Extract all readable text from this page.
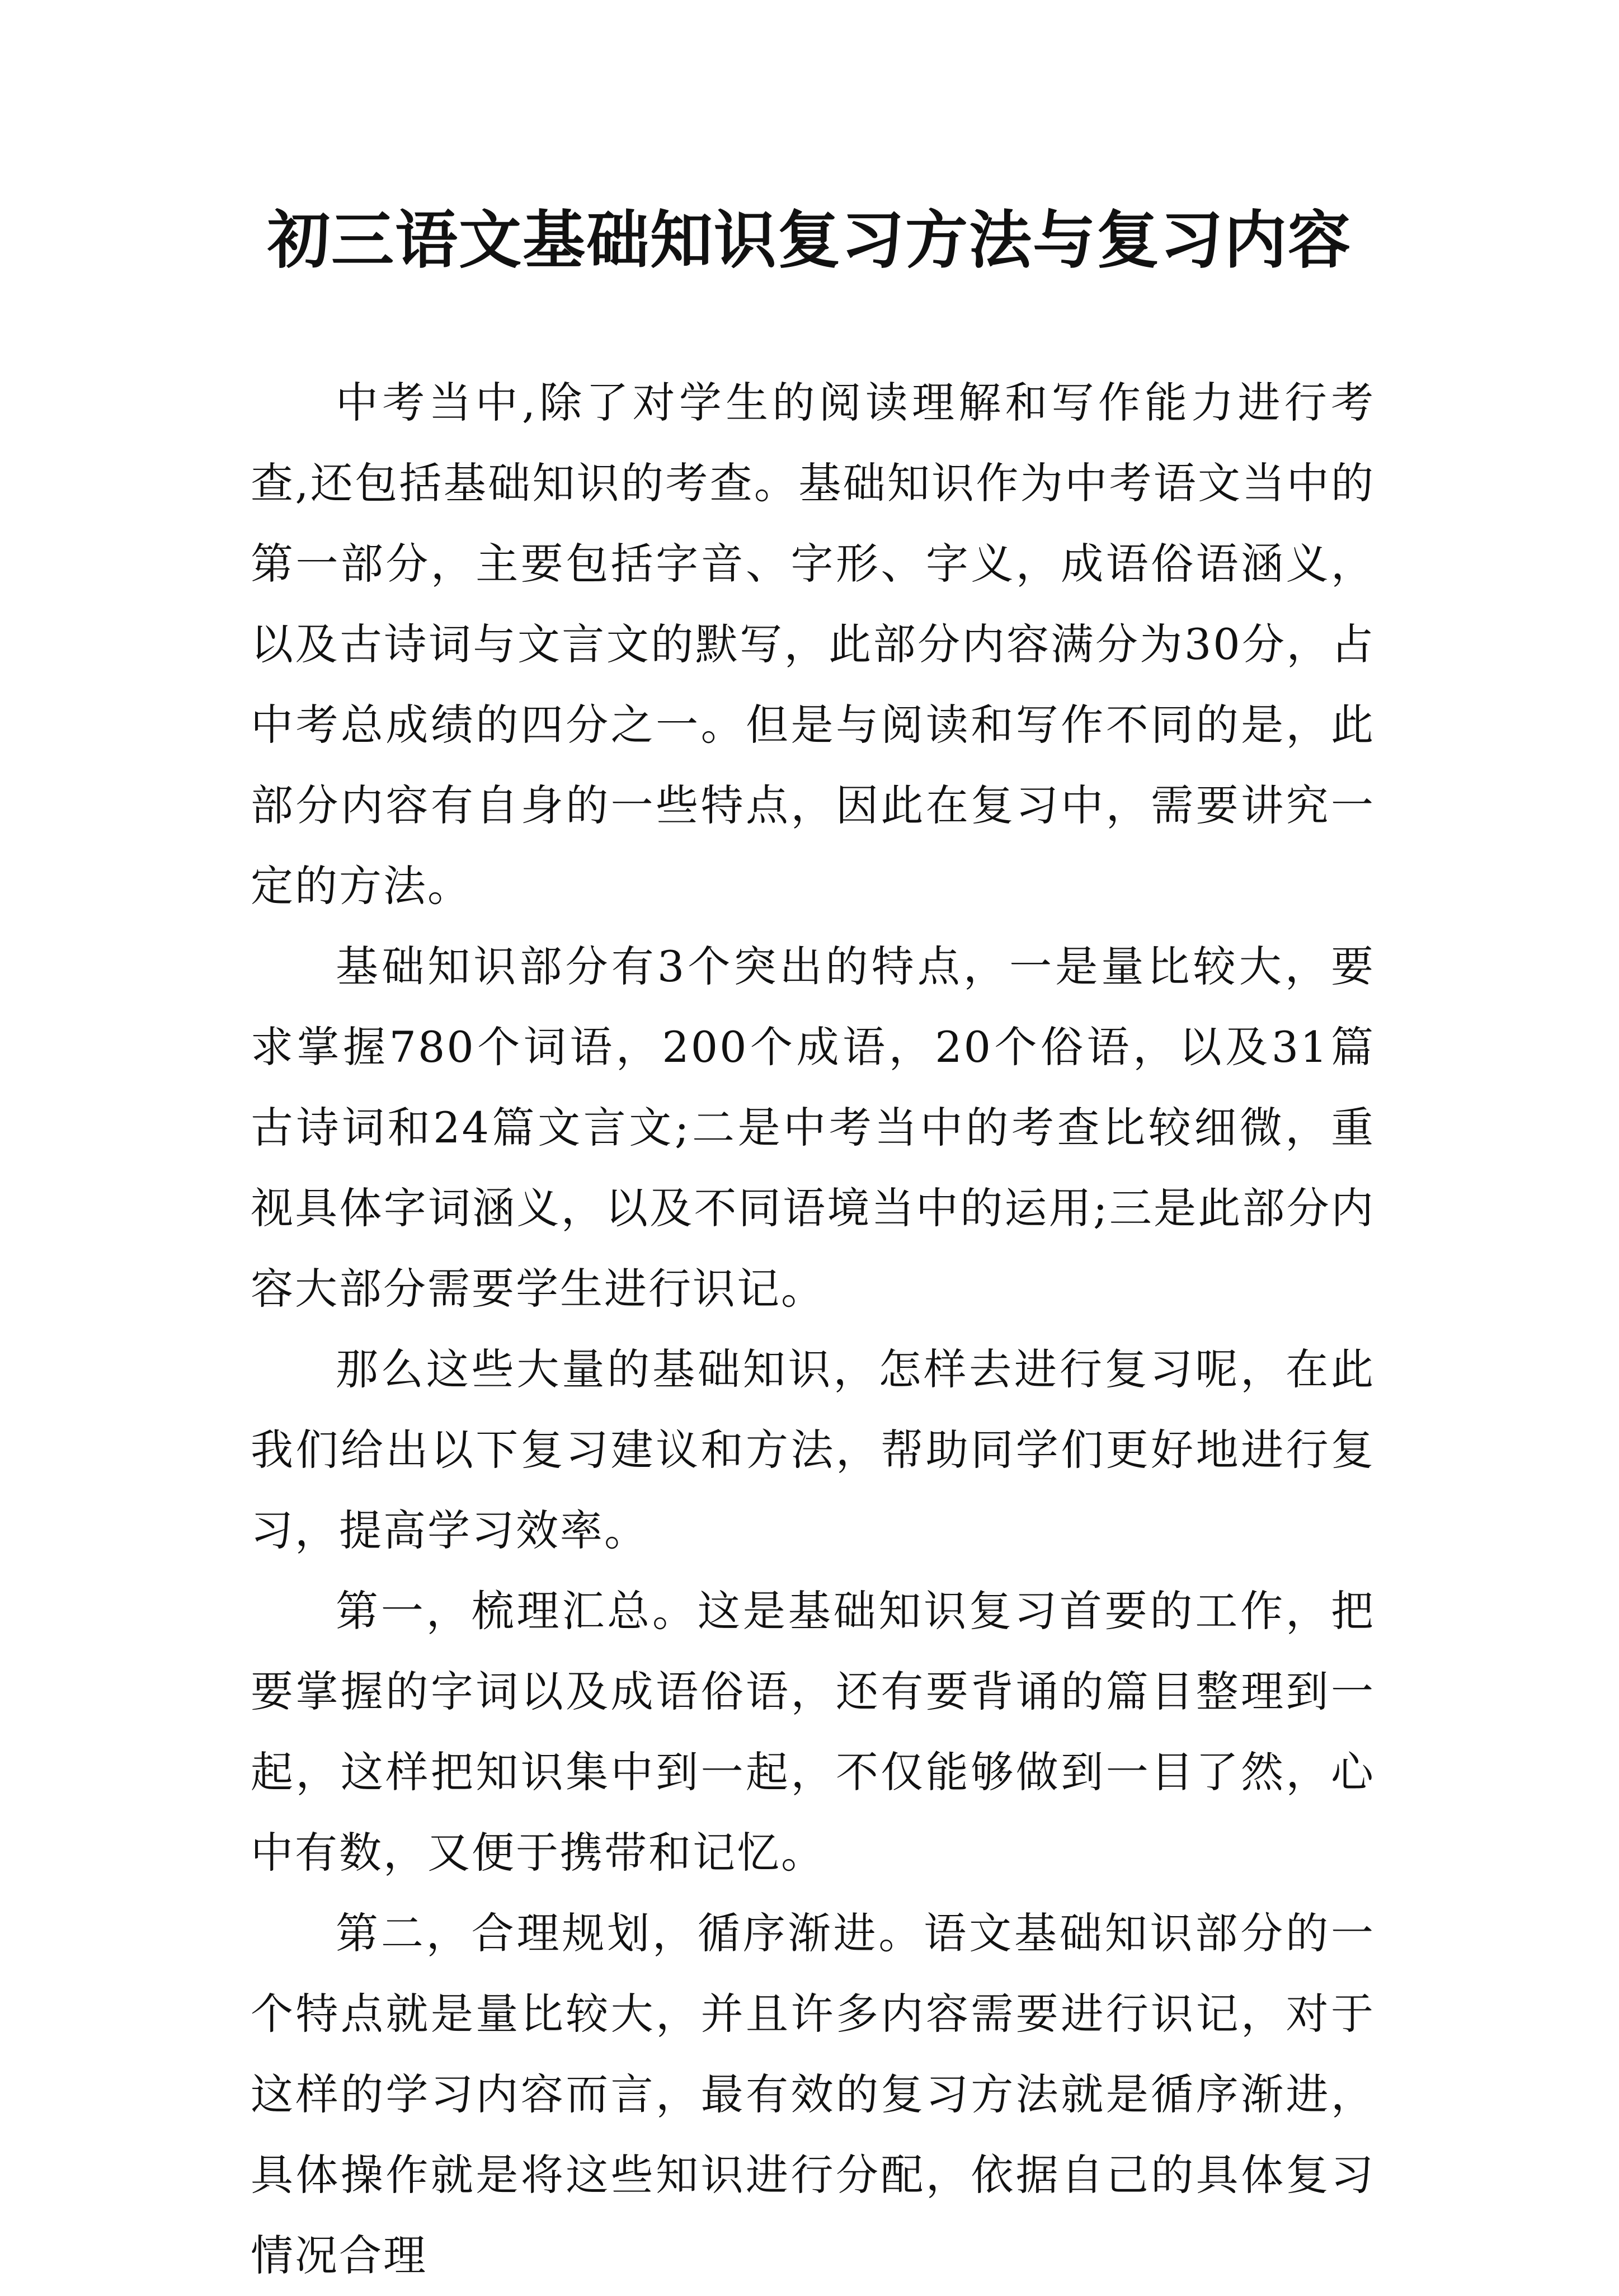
初三语文基础知识复习方法与复习内容

中考当中,除了对学生的阅读理解和写作能力进行考查,还包括基础知识的考查。基础知识作为中考语文当中的第一部分，主要包括字音、字形、字义，成语俗语涵义，以及古诗词与文言文的默写，此部分内容满分为30分，占中考总成绩的四分之一。但是与阅读和写作不同的是，此部分内容有自身的一些特点，因此在复习中，需要讲究一定的方法。

基础知识部分有3个突出的特点，一是量比较大，要求掌握780个词语，200个成语，20个俗语，以及31篇古诗词和24篇文言文;二是中考当中的考查比较细微，重视具体字词涵义，以及不同语境当中的运用;三是此部分内容大部分需要学生进行识记。

那么这些大量的基础知识，怎样去进行复习呢，在此我们给出以下复习建议和方法，帮助同学们更好地进行复习，提高学习效率。

第一，梳理汇总。这是基础知识复习首要的工作，把要掌握的字词以及成语俗语，还有要背诵的篇目整理到一起，这样把知识集中到一起，不仅能够做到一目了然，心中有数，又便于携带和记忆。

第二，合理规划，循序渐进。语文基础知识部分的一个特点就是量比较大，并且许多内容需要进行识记，对于这样的学习内容而言，最有效的复习方法就是循序渐进，具体操作就是将这些知识进行分配，依据自己的具体复习情况合理
